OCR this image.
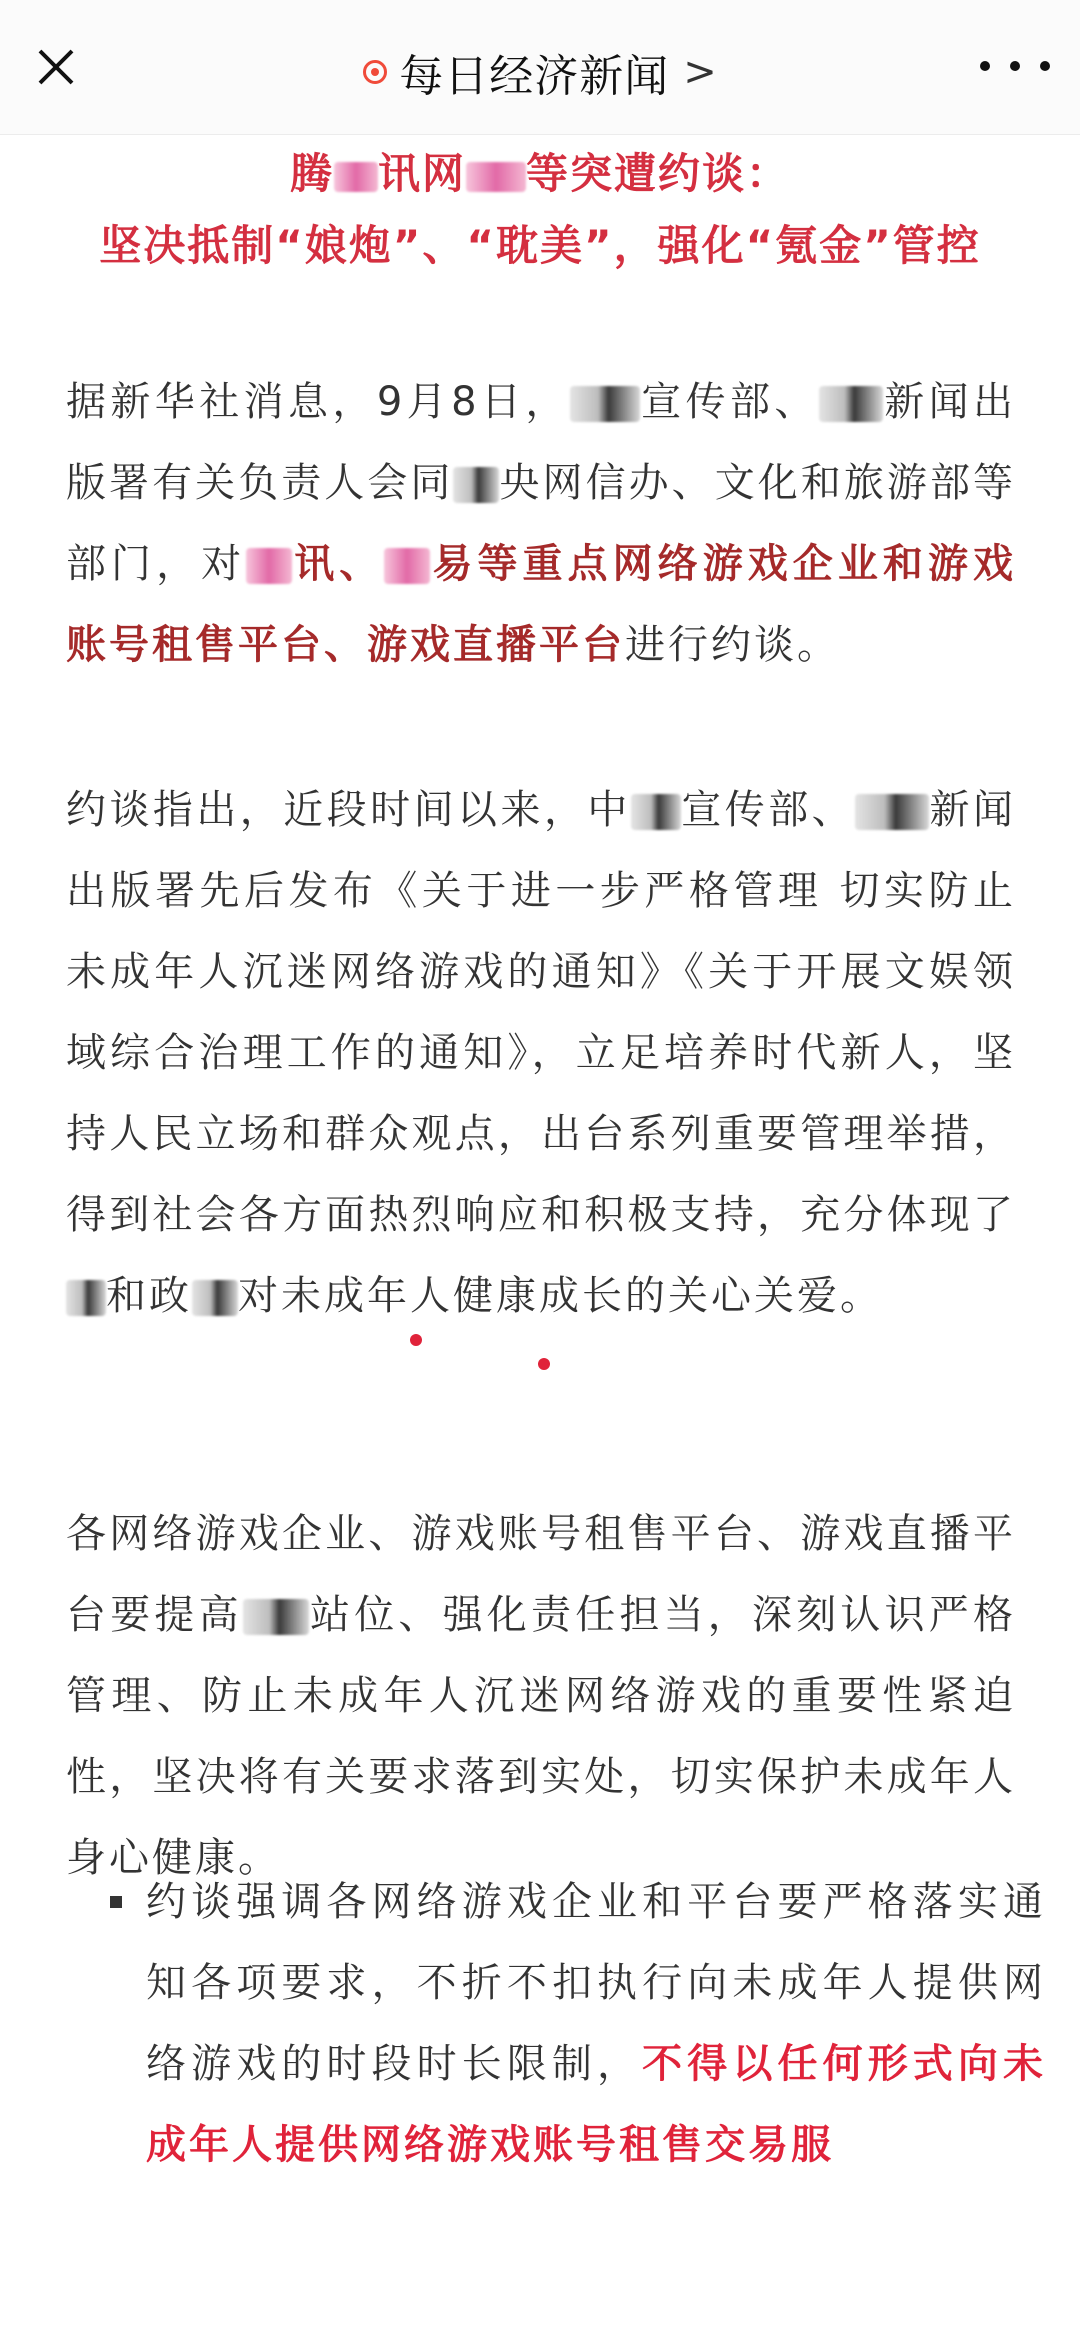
每日经济新闻 >
腾 讯网 等突遭约谈：
坚决抵制“娘炮”、“耽美”，强化“氪金”管控
据新华社消息，9月8日， 宣传部、 新闻出版署有关负责人会同 央网信办、文化和旅游部等部门，对 讯、 易等重点网络游戏企业和游戏账号租售平台、游戏直播平台进行约谈。
约谈指出，近段时间以来，中 宣传部、 新闻出版署先后发布《关于进一步严格管理 切实防止未成年人沉迷网络游戏的通知》《关于开展文娱领域综合治理工作的通知》，立足培养时代新人，坚持人民立场和群众观点，出台系列重要管理举措，得到社会各方面热烈响应和积极支持，充分体现了和政 对未成年人健康成长的关心关爱。
各网络游戏企业、游戏账号租售平台、游戏直播平台要提高 站位、强化责任担当，深刻认识严格管理、防止未成年人沉迷网络游戏的重要性紧迫性，坚决将有关要求落到实处，切实保护未成年人身心健康。
约谈强调各网络游戏企业和平台要严格落实通知各项要求，不折不扣执行向未成年人提供网络游戏的时段时长限制，不得以任何形式向未成年人提供网络游戏账号租售交易服
